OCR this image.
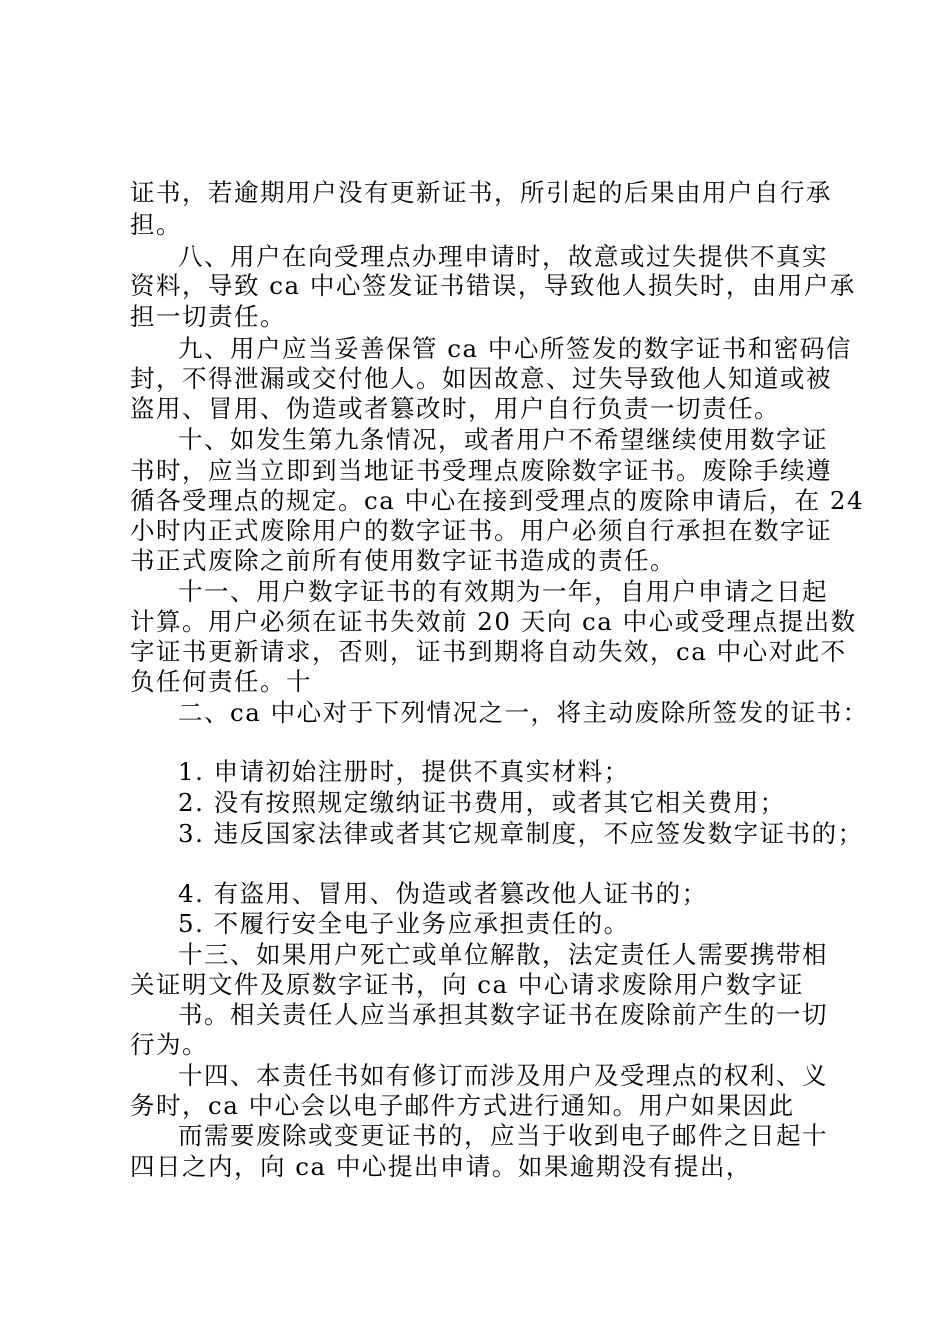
证书，若逾期用户没有更新证书，所引起的后果由用户自行承

担。

八、用户在向受理点办理申请时，故意或过失提供不真实

资料，导致 ca 中心签发证书错误，导致他人损失时，由用户承

担一切责任。

九、用户应当妥善保管 ca 中心所签发的数字证书和密码信

封，不得泄漏或交付他人。如因故意、过失导致他人知道或被

盗用、冒用、伪造或者篡改时，用户自行负责一切责任。

十、如发生第九条情况，或者用户不希望继续使用数字证

书时，应当立即到当地证书受理点废除数字证书。废除手续遵

循各受理点的规定。ca 中心在接到受理点的废除申请后，在 24

小时内正式废除用户的数字证书。用户必须自行承担在数字证

书正式废除之前所有使用数字证书造成的责任。

十一、用户数字证书的有效期为一年，自用户申请之日起

计算。用户必须在证书失效前 20 天向 ca 中心或受理点提出数

字证书更新请求，否则，证书到期将自动失效，ca 中心对此不

负任何责任。十

二、ca 中心对于下列情况之一，将主动废除所签发的证书：

1. 申请初始注册时，提供不真实材料；

2. 没有按照规定缴纳证书费用，或者其它相关费用；

3. 违反国家法律或者其它规章制度，不应签发数字证书的；

4. 有盗用、冒用、伪造或者篡改他人证书的；

5. 不履行安全电子业务应承担责任的。

十三、如果用户死亡或单位解散，法定责任人需要携带相

关证明文件及原数字证书，向 ca 中心请求废除用户数字证

书。相关责任人应当承担其数字证书在废除前产生的一切

行为。

十四、本责任书如有修订而涉及用户及受理点的权利、义

务时，ca 中心会以电子邮件方式进行通知。用户如果因此

而需要废除或变更证书的，应当于收到电子邮件之日起十

四日之内，向 ca 中心提出申请。如果逾期没有提出，
